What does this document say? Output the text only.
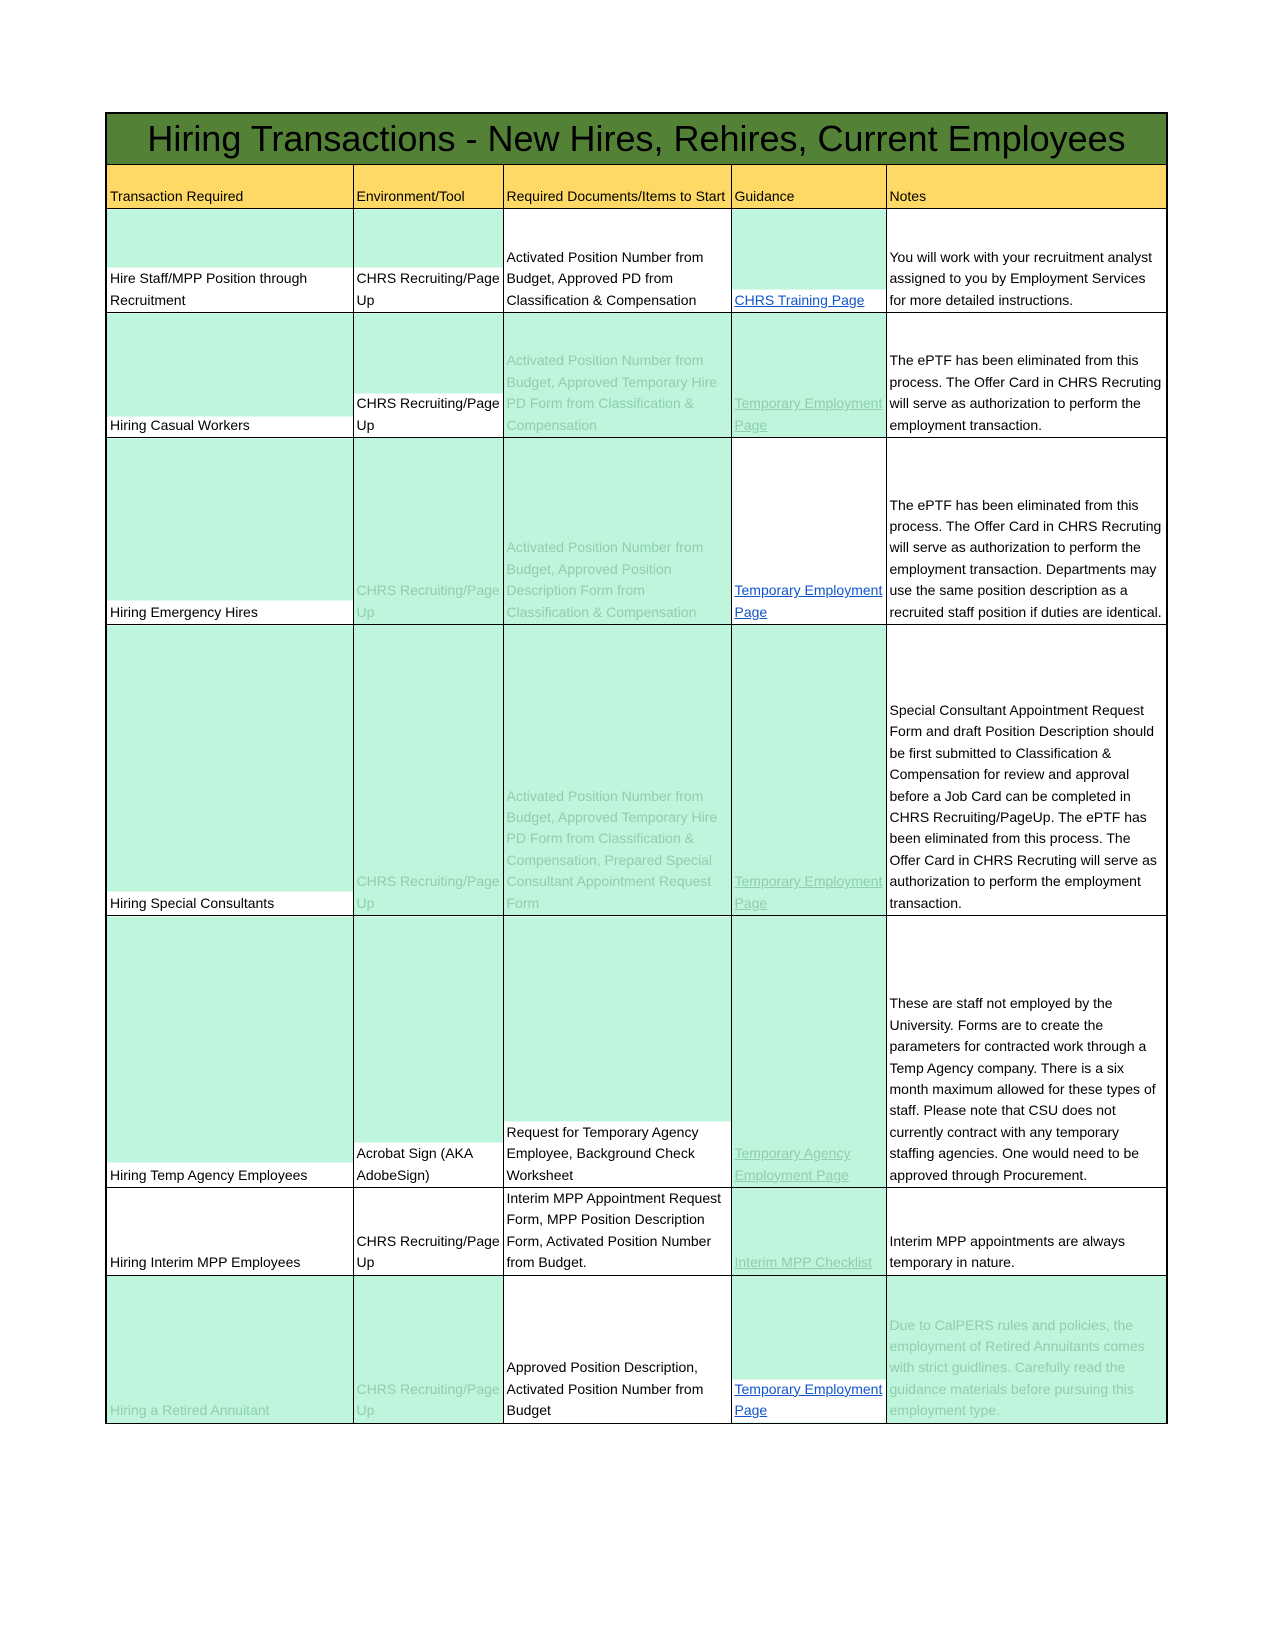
Hiring Transactions - New Hires, Rehires, Current Employees
Transaction Required	Environment/Tool	Required Documents/Items to Start	Guidance	Notes
Hire Staff/MPP Position through Recruitment	CHRS Recruiting/Page Up	Activated Position Number from Budget, Approved PD from Classification & Compensation	CHRS Training Page	You will work with your recruitment analyst assigned to you by Employment Services for more detailed instructions.
Hiring Casual Workers	CHRS Recruiting/Page Up	Activated Position Number from Budget, Approved Temporary Hire PD Form from Classification & Compensation	Temporary Employment Page	The ePTF has been eliminated from this process. The Offer Card in CHRS Recruting will serve as authorization to perform the employment transaction.
Hiring Emergency Hires	CHRS Recruiting/Page Up	Activated Position Number from Budget, Approved Position Description Form from Classification & Compensation	Temporary Employment Page	The ePTF has been eliminated from this process. The Offer Card in CHRS Recruting will serve as authorization to perform the employment transaction. Departments may use the same position description as a recruited staff position if duties are identical.
Hiring Special Consultants	CHRS Recruiting/Page Up	Activated Position Number from Budget, Approved Temporary Hire PD Form from Classification & Compensation, Prepared Special Consultant Appointment Request Form	Temporary Employment Page	Special Consultant Appointment Request Form and draft Position Description should be first submitted to Classification & Compensation for review and approval before a Job Card can be completed in CHRS Recruiting/PageUp. The ePTF has been eliminated from this process. The Offer Card in CHRS Recruting will serve as authorization to perform the employment transaction.
Hiring Temp Agency Employees	Acrobat Sign (AKA AdobeSign)	Request for Temporary Agency Employee, Background Check Worksheet	Temporary Agency Employment Page	These are staff not employed by the University. Forms are to create the parameters for contracted work through a Temp Agency company. There is a six month maximum allowed for these types of staff. Please note that CSU does not currently contract with any temporary staffing agencies. One would need to be approved through Procurement.
Hiring Interim MPP Employees	CHRS Recruiting/Page Up	Interim MPP Appointment Request Form, MPP Position Description Form, Activated Position Number from Budget.	Interim MPP Checklist	Interim MPP appointments are always temporary in nature.
Hiring a Retired Annuitant	CHRS Recruiting/Page Up	Approved Position Description, Activated Position Number from Budget	Temporary Employment Page	Due to CalPERS rules and policies, the employment of Retired Annuitants comes with strict guidlines. Carefully read the guidance materials before pursuing this employment type.
